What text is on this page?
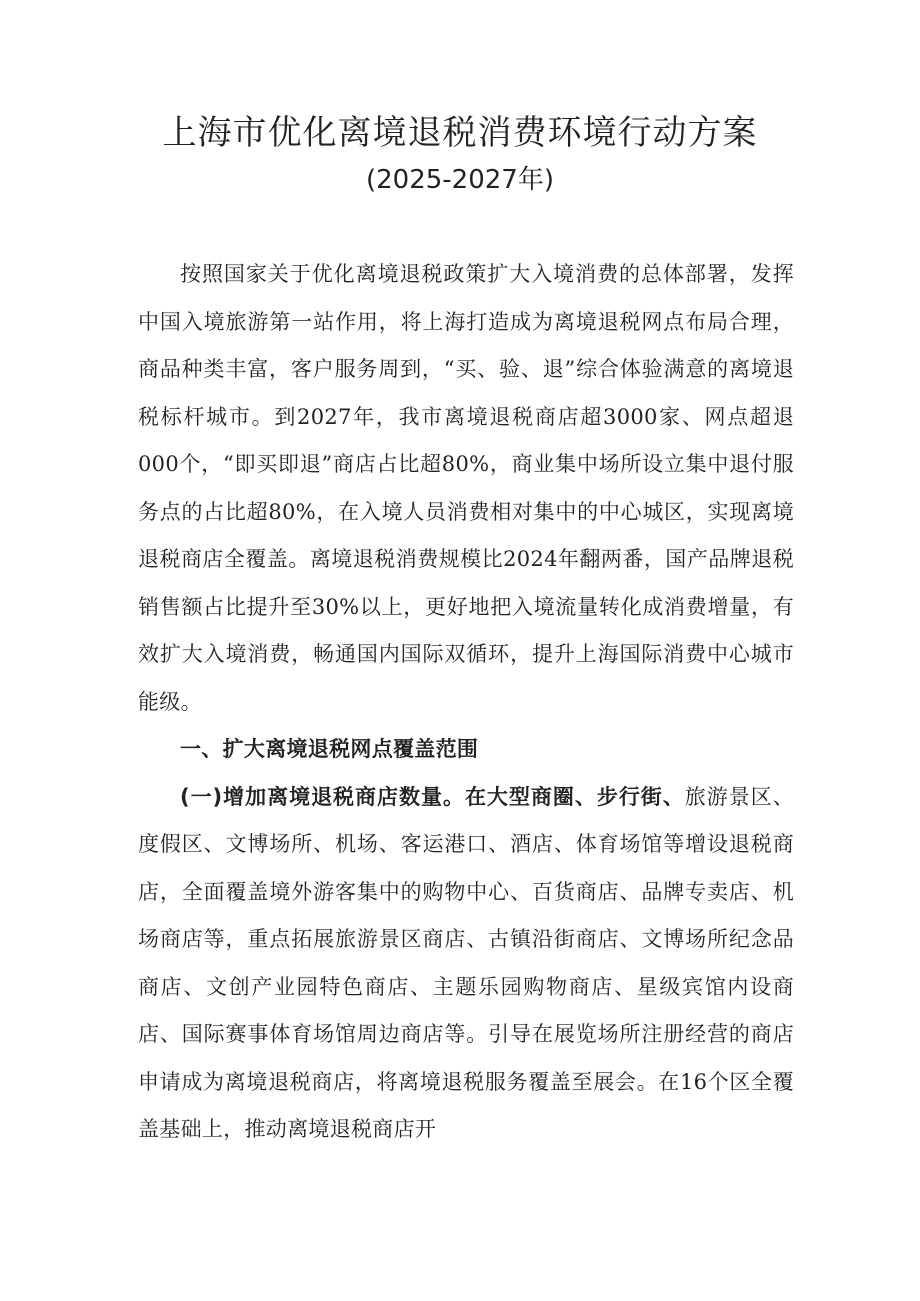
上海市优化离境退税消费环境行动方案
(2025-2027年)

按照国家关于优化离境退税政策扩大入境消费的总体部署，发挥中国入境旅游第一站作用，将上海打造成为离境退税网点布局合理，商品种类丰富，客户服务周到，“买、验、退”综合体验满意的离境退税标杆城市。到2027年，我市离境退税商店超3000家、网点超退000个，“即买即退”商店占比超80%，商业集中场所设立集中退付服务点的占比超80%，在入境人员消费相对集中的中心城区，实现离境退税商店全覆盖。离境退税消费规模比2024年翻两番，国产品牌退税销售额占比提升至30%以上，更好地把入境流量转化成消费增量，有效扩大入境消费，畅通国内国际双循环，提升上海国际消费中心城市能级。

一、扩大离境退税网点覆盖范围

(一)增加离境退税商店数量。在大型商圈、步行街、旅游景区、度假区、文博场所、机场、客运港口、酒店、体育场馆等增设退税商店，全面覆盖境外游客集中的购物中心、百货商店、品牌专卖店、机场商店等，重点拓展旅游景区商店、古镇沿街商店、文博场所纪念品商店、文创产业园特色商店、主题乐园购物商店、星级宾馆内设商店、国际赛事体育场馆周边商店等。引导在展览场所注册经营的商店申请成为离境退税商店，将离境退税服务覆盖至展会。在16个区全覆盖基础上，推动离境退税商店开
